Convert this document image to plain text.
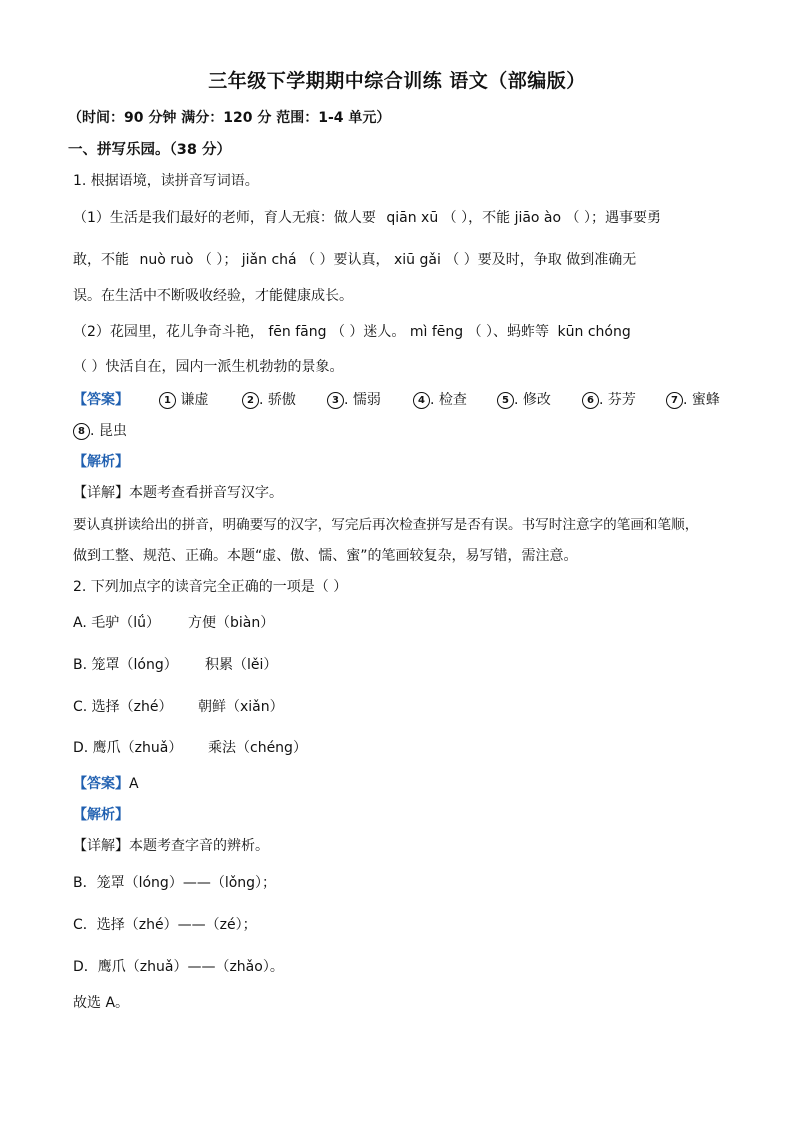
三年级下学期期中综合训练 语文（部编版）
（时间：90 分钟 满分：120 分 范围：1-4 单元）
一、拼写乐园。（38 分）
1. 根据语境，读拼音写词语。
（1）生活是我们最好的老师，育人无痕：做人要 qiān xū （ ），不能 jiāo ào （ ）；遇事要勇
敢，不能 nuò ruò （ ）； jiǎn chá （ ）要认真， xiū gǎi （ ）要及时，争取 做到准确无
误。在生活中不断吸收经验，才能健康成长。
（2）花园里，花儿争奇斗艳， fēn fāng （ ）迷人。 mì fēng （ ）、蚂蚱等 kūn chóng
（ ）快活自在，园内一派生机勃勃的景象。
【答案】	1 谦虚	2 . 骄傲	3 . 懦弱	4 . 检查	5 . 修改	6 . 芬芳	7 . 蜜蜂
8 . 昆虫
【解析】
【详解】本题考查看拼音写汉字。
要认真拼读给出的拼音，明确要写的汉字，写完后再次检查拼写是否有误。书写时注意字的笔画和笔顺，
做到工整、规范、正确。本题“虚、傲、懦、蜜”的笔画较复杂，易写错，需注意。
2. 下列加点字的读音完全正确的一项是（ ）
A. 毛驴（lǘ） 方便（biàn）
B. 笼罩（lóng） 积累（lěi）
C. 选择（zhé） 朝鲜（xiǎn）
D. 鹰爪（zhuǎ） 乘法（chéng）
【答案】A
【解析】
【详解】本题考查字音的辨析。
B．笼罩（lóng）——（lǒng）；
C．选择（zhé）——（zé）；
D．鹰爪（zhuǎ）——（zhǎo）。
故选 A。
